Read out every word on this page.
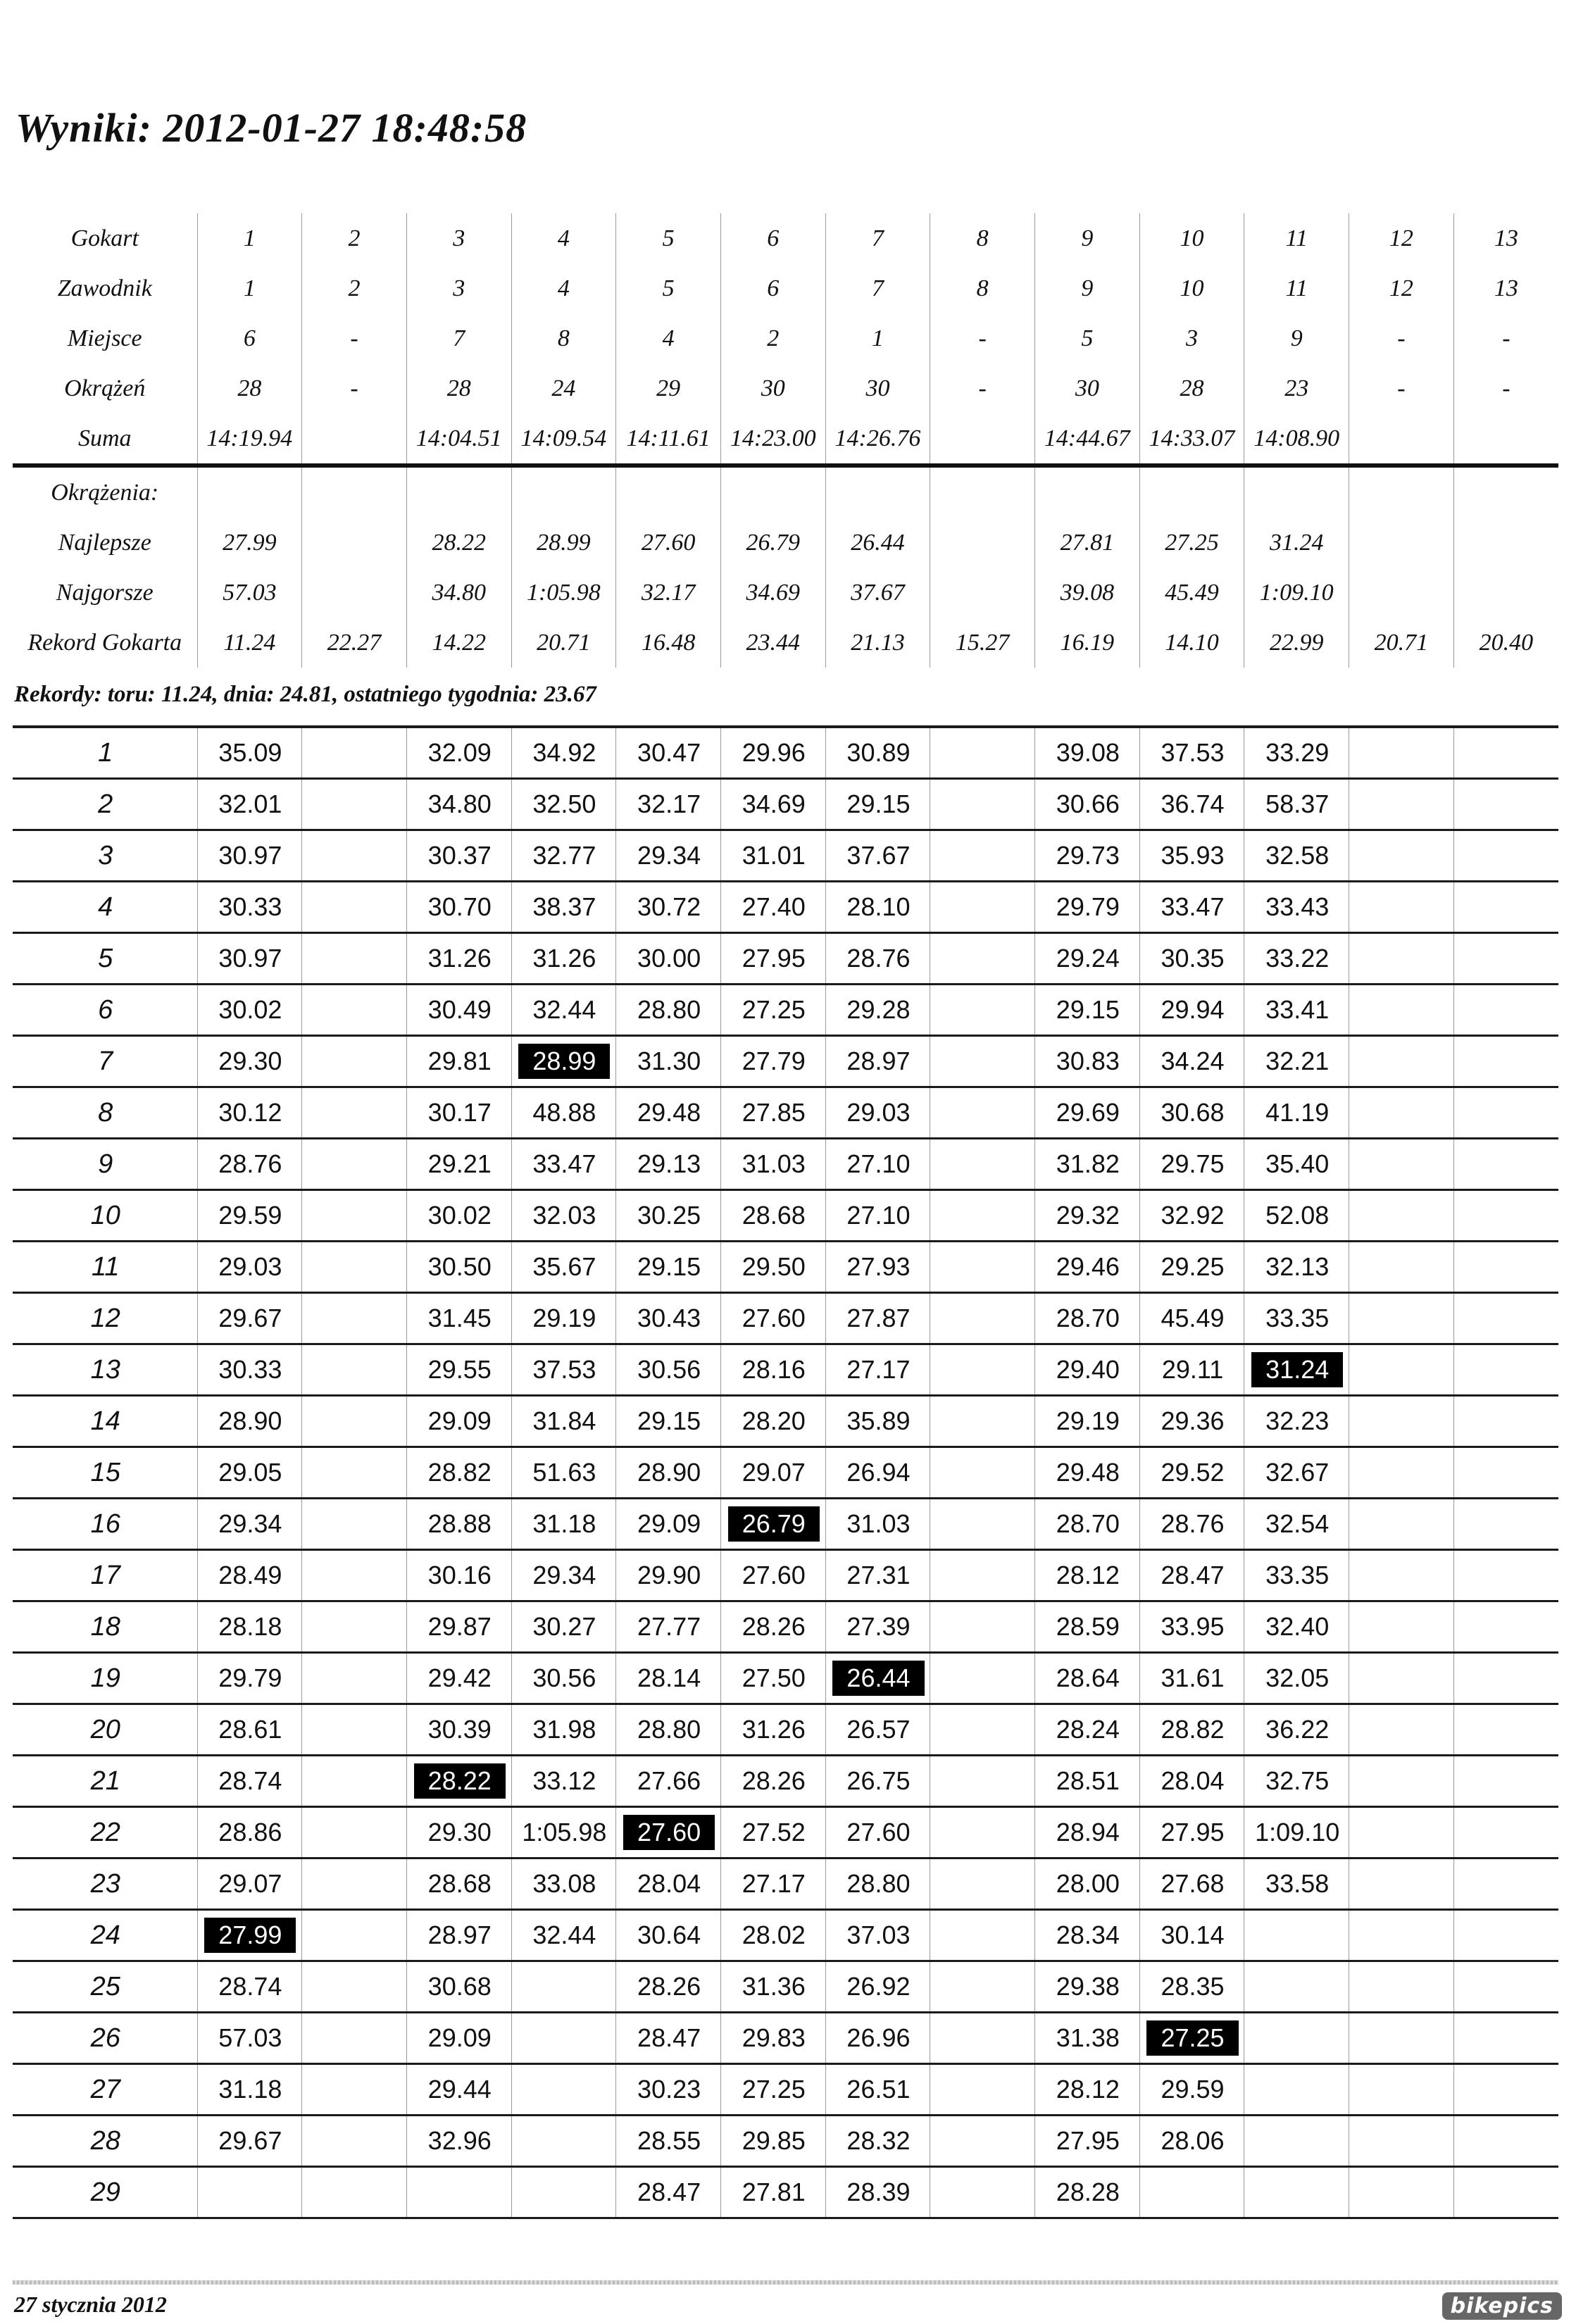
Wyniki: 2012-01-27 18:48:58
Gokart	1	2	3	4	5	6	7	8	9	10	11	12	13
Zawodnik	1	2	3	4	5	6	7	8	9	10	11	12	13
Miejsce	6	-	7	8	4	2	1	-	5	3	9	-	-
Okrążeń	28	-	28	24	29	30	30	-	30	28	23	-	-
Suma	14:19.94		14:04.51	14:09.54	14:11.61	14:23.00	14:26.76		14:44.67	14:33.07	14:08.90		
Okrążenia:													
Najlepsze	27.99		28.22	28.99	27.60	26.79	26.44		27.81	27.25	31.24		
Najgorsze	57.03		34.80	1:05.98	32.17	34.69	37.67		39.08	45.49	1:09.10		
Rekord Gokarta	11.24	22.27	14.22	20.71	16.48	23.44	21.13	15.27	16.19	14.10	22.99	20.71	20.40
Rekordy: toru: 11.24, dnia: 24.81, ostatniego tygodnia: 23.67
1	35.09		32.09	34.92	30.47	29.96	30.89		39.08	37.53	33.29		
2	32.01		34.80	32.50	32.17	34.69	29.15		30.66	36.74	58.37		
3	30.97		30.37	32.77	29.34	31.01	37.67		29.73	35.93	32.58		
4	30.33		30.70	38.37	30.72	27.40	28.10		29.79	33.47	33.43		
5	30.97		31.26	31.26	30.00	27.95	28.76		29.24	30.35	33.22		
6	30.02		30.49	32.44	28.80	27.25	29.28		29.15	29.94	33.41		
7	29.30		29.81	28.99	31.30	27.79	28.97		30.83	34.24	32.21		
8	30.12		30.17	48.88	29.48	27.85	29.03		29.69	30.68	41.19		
9	28.76		29.21	33.47	29.13	31.03	27.10		31.82	29.75	35.40		
10	29.59		30.02	32.03	30.25	28.68	27.10		29.32	32.92	52.08		
11	29.03		30.50	35.67	29.15	29.50	27.93		29.46	29.25	32.13		
12	29.67		31.45	29.19	30.43	27.60	27.87		28.70	45.49	33.35		
13	30.33		29.55	37.53	30.56	28.16	27.17		29.40	29.11	31.24		
14	28.90		29.09	31.84	29.15	28.20	35.89		29.19	29.36	32.23		
15	29.05		28.82	51.63	28.90	29.07	26.94		29.48	29.52	32.67		
16	29.34		28.88	31.18	29.09	26.79	31.03		28.70	28.76	32.54		
17	28.49		30.16	29.34	29.90	27.60	27.31		28.12	28.47	33.35		
18	28.18		29.87	30.27	27.77	28.26	27.39		28.59	33.95	32.40		
19	29.79		29.42	30.56	28.14	27.50	26.44		28.64	31.61	32.05		
20	28.61		30.39	31.98	28.80	31.26	26.57		28.24	28.82	36.22		
21	28.74		28.22	33.12	27.66	28.26	26.75		28.51	28.04	32.75		
22	28.86		29.30	1:05.98	27.60	27.52	27.60		28.94	27.95	1:09.10		
23	29.07		28.68	33.08	28.04	27.17	28.80		28.00	27.68	33.58		
24	27.99		28.97	32.44	30.64	28.02	37.03		28.34	30.14			
25	28.74		30.68		28.26	31.36	26.92		29.38	28.35			
26	57.03		29.09		28.47	29.83	26.96		31.38	27.25			
27	31.18		29.44		30.23	27.25	26.51		28.12	29.59			
28	29.67		32.96		28.55	29.85	28.32		27.95	28.06			
29					28.47	27.81	28.39		28.28				
27 stycznia 2012	bikepics
